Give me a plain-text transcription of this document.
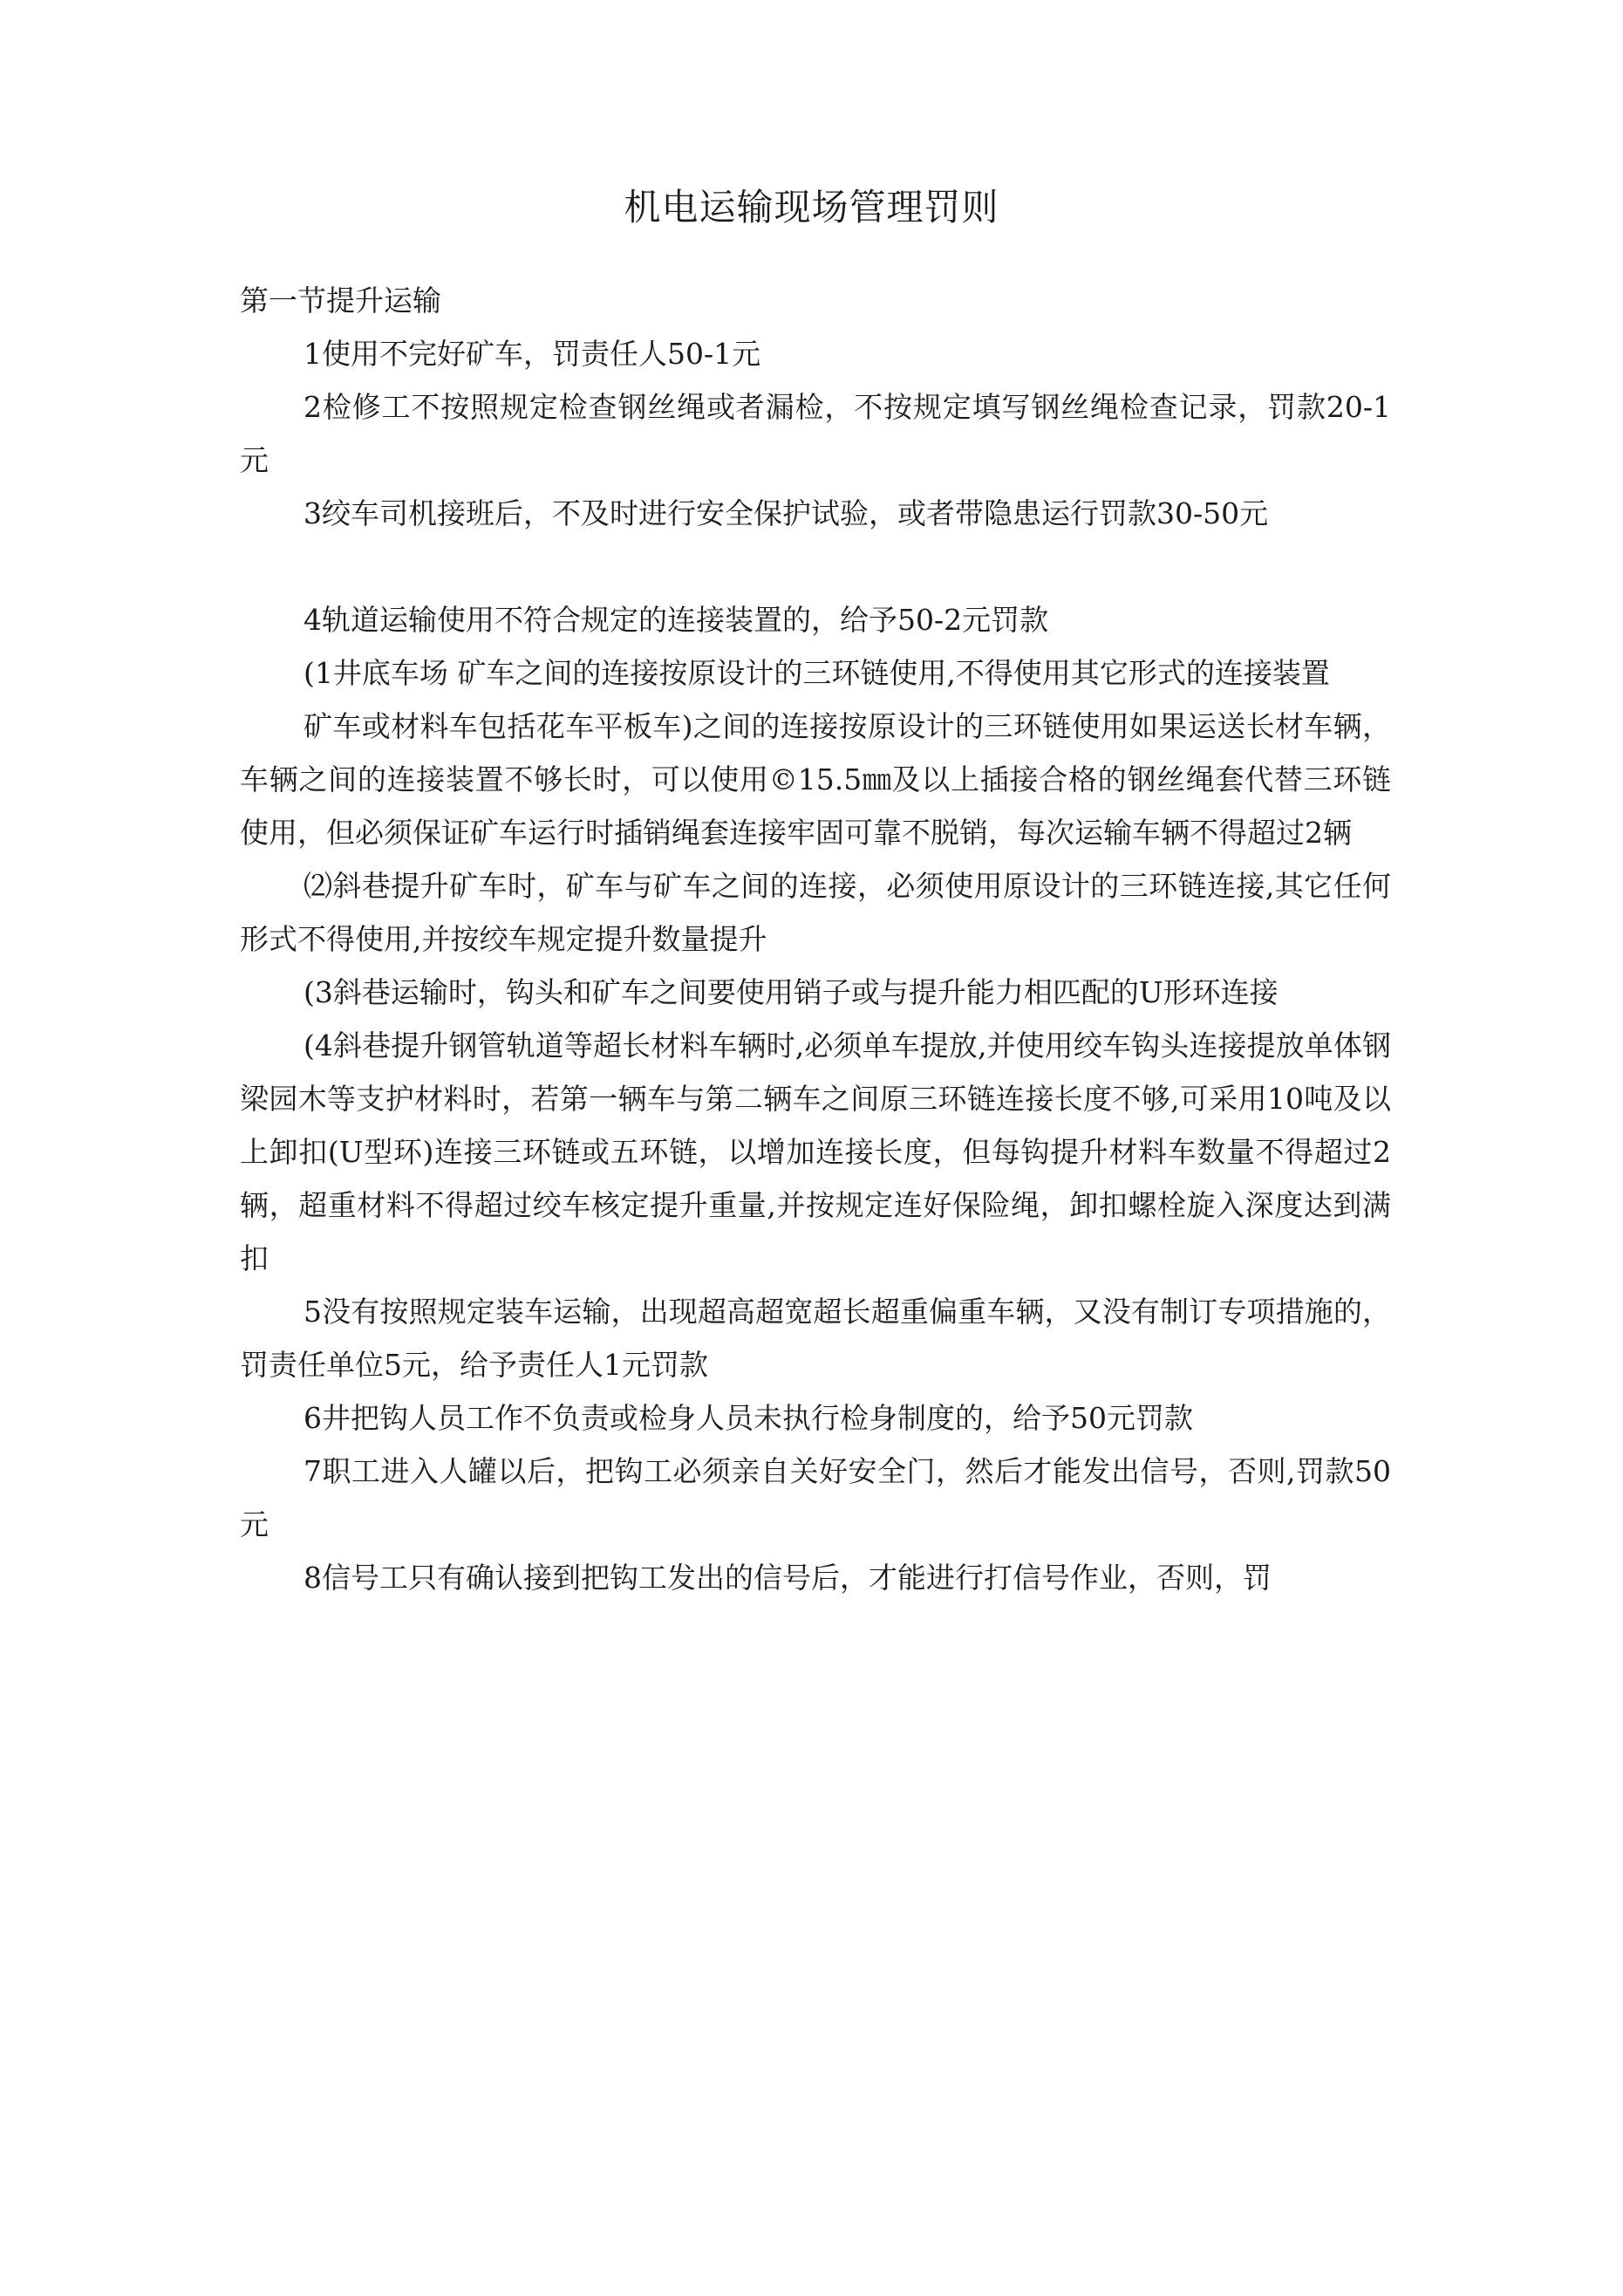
机电运输现场管理罚则

第一节提升运输

1使用不完好矿车，罚责任人50-1元

2检修工不按照规定检查钢丝绳或者漏检，不按规定填写钢丝绳检查记录，罚款20-1元

3绞车司机接班后，不及时进行安全保护试验，或者带隐患运行罚款30-50元

4轨道运输使用不符合规定的连接装置的，给予50-2元罚款

(1井底车场 矿车之间的连接按原设计的三环链使用,不得使用其它形式的连接装置

矿车或材料车包括花车平板车)之间的连接按原设计的三环链使用如果运送长材车辆，车辆之间的连接装置不够长时，可以使用©15.5㎜及以上插接合格的钢丝绳套代替三环链使用，但必须保证矿车运行时插销绳套连接牢固可靠不脱销，每次运输车辆不得超过2辆

⑵斜巷提升矿车时，矿车与矿车之间的连接，必须使用原设计的三环链连接,其它任何形式不得使用,并按绞车规定提升数量提升

(3斜巷运输时，钩头和矿车之间要使用销子或与提升能力相匹配的U形环连接

(4斜巷提升钢管轨道等超长材料车辆时,必须单车提放,并使用绞车钩头连接提放单体钢梁园木等支护材料时，若第一辆车与第二辆车之间原三环链连接长度不够,可采用10吨及以上卸扣(U型环)连接三环链或五环链，以增加连接长度，但每钩提升材料车数量不得超过2辆，超重材料不得超过绞车核定提升重量,并按规定连好保险绳，卸扣螺栓旋入深度达到满扣

5没有按照规定装车运输，出现超高超宽超长超重偏重车辆，又没有制订专项措施的，罚责任单位5元，给予责任人1元罚款

6井把钩人员工作不负责或检身人员未执行检身制度的，给予50元罚款

7职工进入人罐以后，把钩工必须亲自关好安全门，然后才能发出信号，否则,罚款50元

8信号工只有确认接到把钩工发出的信号后，才能进行打信号作业，否则，罚
